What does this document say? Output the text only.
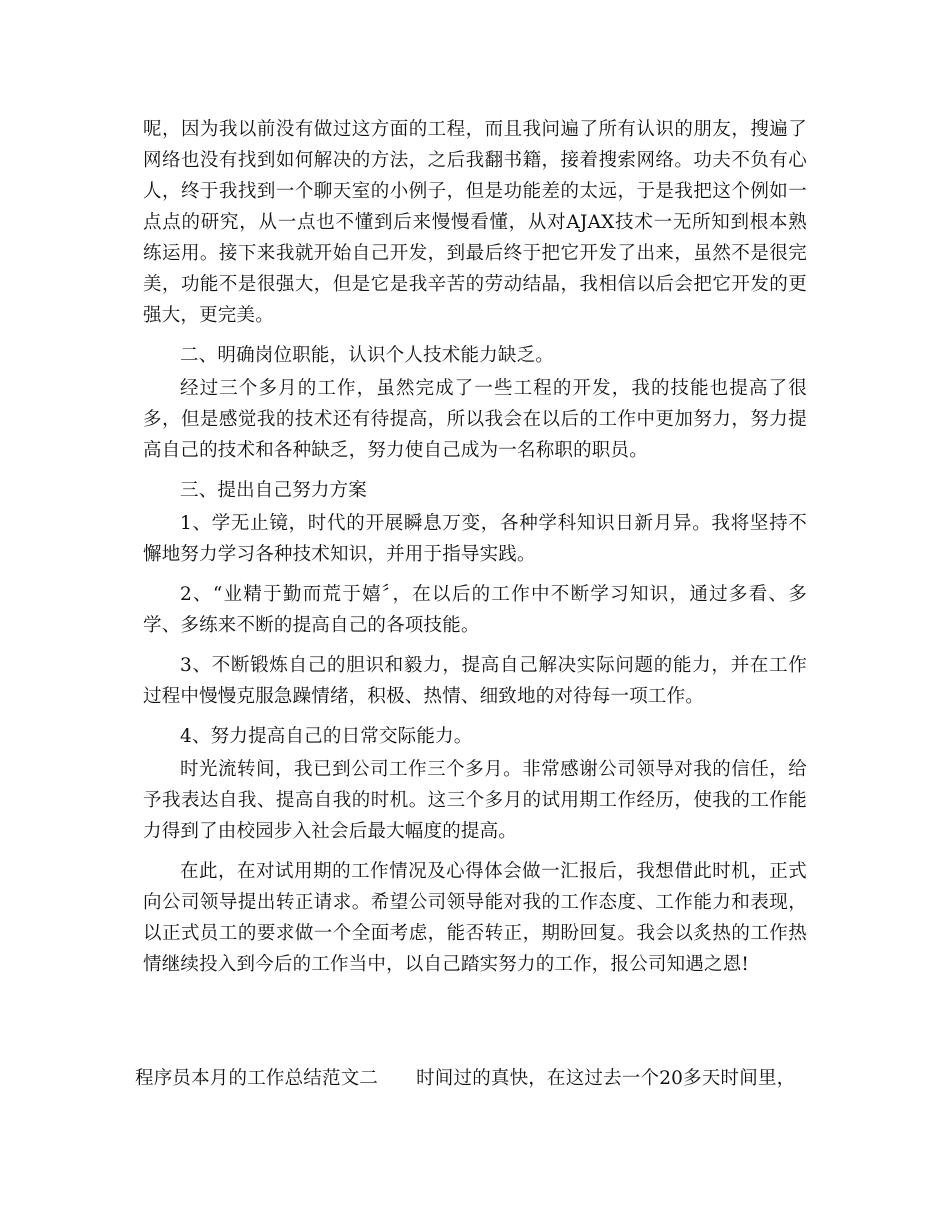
呢，因为我以前没有做过这方面的工程，而且我问遍了所有认识的朋友，搜遍了网络也没有找到如何解决的方法，之后我翻书籍，接着搜索网络。功夫不负有心人，终于我找到一个聊天室的小例子，但是功能差的太远，于是我把这个例如一点点的研究，从一点也不懂到后来慢慢看懂，从对AJAX技术一无所知到根本熟练运用。接下来我就开始自己开发，到最后终于把它开发了出来，虽然不是很完美，功能不是很强大，但是它是我辛苦的劳动结晶，我相信以后会把它开发的更强大，更完美。

二、明确岗位职能，认识个人技术能力缺乏。

经过三个多月的工作，虽然完成了一些工程的开发，我的技能也提高了很多，但是感觉我的技术还有待提高，所以我会在以后的工作中更加努力，努力提高自己的技术和各种缺乏，努力使自己成为一名称职的职员。

三、提出自己努力方案

1、学无止镜，时代的开展瞬息万变，各种学科知识日新月异。我将坚持不懈地努力学习各种技术知识，并用于指导实践。

2、“业精于勤而荒于嬉〞，在以后的工作中不断学习知识，通过多看、多学、多练来不断的提高自己的各项技能。

3、不断锻炼自己的胆识和毅力，提高自己解决实际问题的能力，并在工作过程中慢慢克服急躁情绪，积极、热情、细致地的对待每一项工作。

4、努力提高自己的日常交际能力。

时光流转间，我已到公司工作三个多月。非常感谢公司领导对我的信任，给予我表达自我、提高自我的时机。这三个多月的试用期工作经历，使我的工作能力得到了由校园步入社会后最大幅度的提高。

在此，在对试用期的工作情况及心得体会做一汇报后，我想借此时机，正式向公司领导提出转正请求。希望公司领导能对我的工作态度、工作能力和表现，以正式员工的要求做一个全面考虑，能否转正，期盼回复。我会以炙热的工作热情继续投入到今后的工作当中，以自己踏实努力的工作，报公司知遇之恩!

程序员本月的工作总结范文二 时间过的真快，在这过去一个20多天时间里，
